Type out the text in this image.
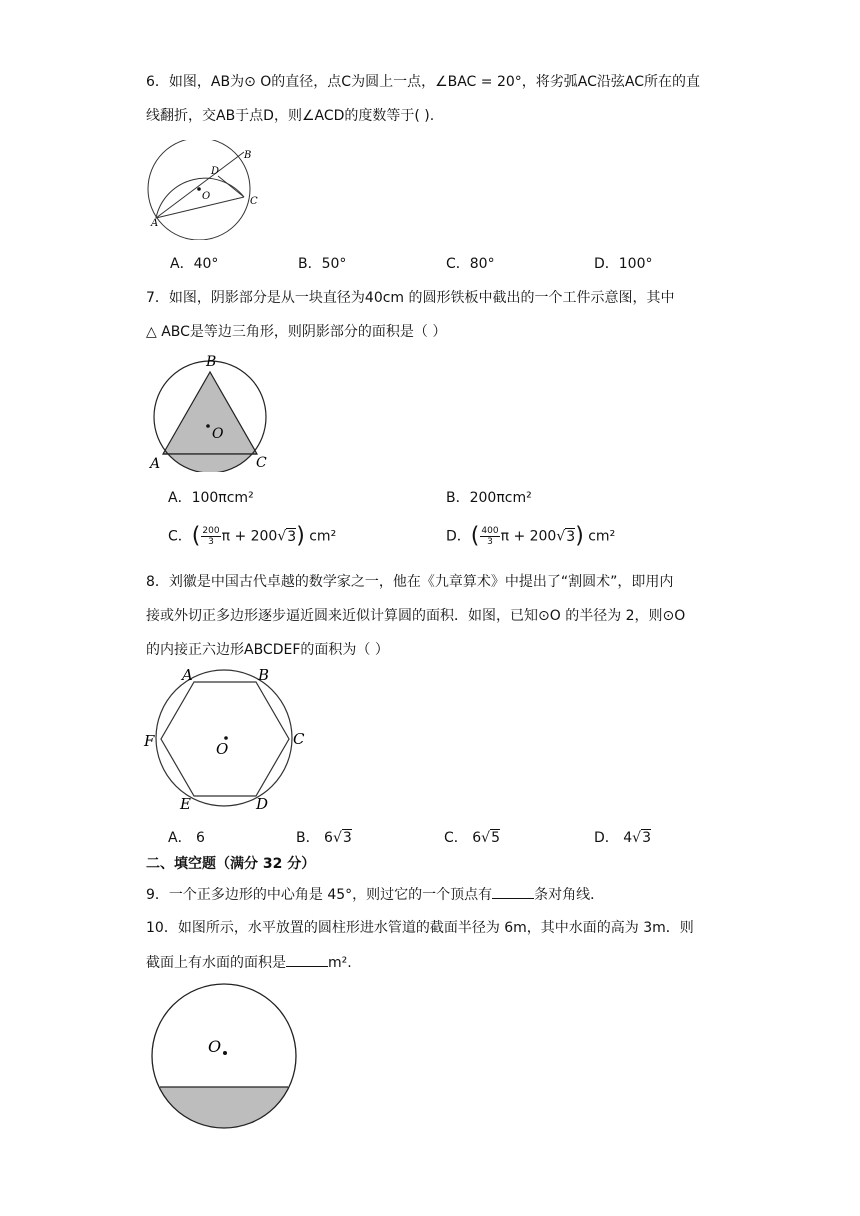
6．如图，AB为⊙ O的直径，点C为圆上一点，∠BAC = 20°，将劣弧AC沿弦AC所在的直
线翻折，交AB于点D，则∠ACD的度数等于( ).
A
B
C
D
O
A．40°	B．50°	C．80°	D．100°
7．如图，阴影部分是从一块直径为40cm 的圆形铁板中截出的一个工件示意图，其中
△ ABC是等边三角形，则阴影部分的面积是（ ）
B
A	C
O
A．100πcm²	B．200πcm²
C．( $\frac{200}{3}$ π + 200√3) cm²	D．( $\frac{400}{3}$ π + 200√3) cm²
8．刘徽是中国古代卓越的数学家之一，他在《九章算术》中提出了“割圆术”，即用内
接或外切正多边形逐步逼近圆来近似计算圆的面积．如图，已知⊙O 的半径为 2，则⊙O
的内接正六边形ABCDEF的面积为（ ）
A	B
C
D
E
F	O
A． 6	B． 6√3	C． 6√5	D． 4√3
二、填空题（满分 32 分）
9．一个正多边形的中心角是 45°，则过它的一个顶点有	条对角线．
10．如图所示，水平放置的圆柱形进水管道的截面半径为 6m，其中水面的高为 3m．则
截面上有水面的面积是	m².
O
